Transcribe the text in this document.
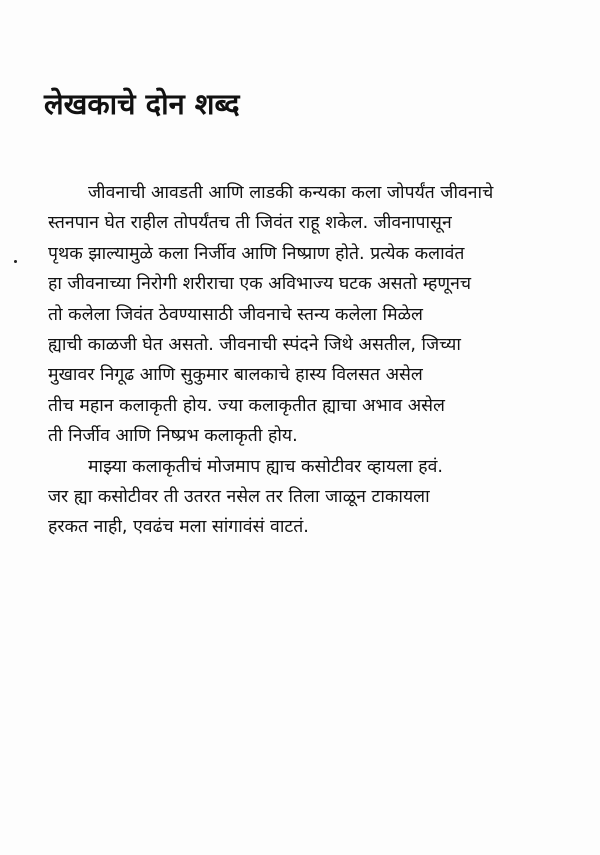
लेखकाचे दोन शब्द
जीवनाची आवडती आणि लाडकी कन्यका कला जोपर्यंत जीवनाचे
स्तनपान घेत राहील तोपर्यंतच ती जिवंत राहू शकेल. जीवनापासून
पृथक झाल्यामुळे कला निर्जीव आणि निष्प्राण होते. प्रत्येक कलावंत
हा जीवनाच्या निरोगी शरीराचा एक अविभाज्य घटक असतो म्हणूनच
तो कलेला जिवंत ठेवण्यासाठी जीवनाचे स्तन्य कलेला मिळेल
ह्याची काळजी घेत असतो. जीवनाची स्पंदने जिथे असतील, जिच्या
मुखावर निगूढ आणि सुकुमार बालकाचे हास्य विलसत असेल
तीच महान कलाकृती होय. ज्या कलाकृतीत ह्याचा अभाव असेल
ती निर्जीव आणि निष्प्रभ कलाकृती होय.
माझ्या कलाकृतीचं मोजमाप ह्याच कसोटीवर व्हायला हवं.
जर ह्या कसोटीवर ती उतरत नसेल तर तिला जाळून टाकायला
हरकत नाही, एवढंच मला सांगावंसं वाटतं.
